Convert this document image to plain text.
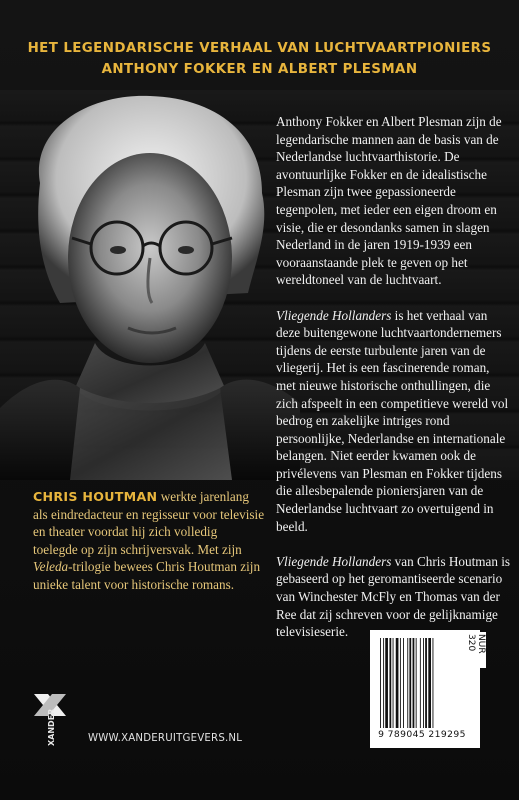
HET LEGENDARISCHE VERHAAL VAN LUCHTVAARTPIONIERS
ANTHONY FOKKER EN ALBERT PLESMAN

Anthony Fokker en Albert Plesman zijn de legendarische mannen aan de basis van de Nederlandse luchtvaarthistorie. De avontuurlijke Fokker en de idealistische Plesman zijn twee gepassioneerde tegenpolen, met ieder een eigen droom en visie, die er desondanks samen in slagen Nederland in de jaren 1919-1939 een vooraanstaande plek te geven op het wereldtoneel van de luchtvaart.

Vliegende Hollanders is het verhaal van deze buitengewone luchtvaartondernemers tijdens de eerste turbulente jaren van de vliegerij. Het is een fascinerende roman, met nieuwe historische onthullingen, die zich afspeelt in een competitieve wereld vol bedrog en zakelijke intriges rond persoonlijke, Nederlandse en internationale belangen. Niet eerder kwamen ook de privélevens van Plesman en Fokker tijdens die allesbepalende pioniersjaren van de Nederlandse luchtvaart zo overtuigend in beeld.

Vliegende Hollanders van Chris Houtman is gebaseerd op het geromantiseerde scenario van Winchester McFly en Thomas van der Ree dat zij schreven voor de gelijknamige televisieserie.

CHRIS HOUTMAN werkte jarenlang als eindredacteur en regisseur voor televisie en theater voordat hij zich volledig toelegde op zijn schrijversvak. Met zijn Veleda-trilogie bewees Chris Houtman zijn unieke talent voor historische romans.
XANDER	WWW.XANDERUITGEVERS.NL	9 789045 219295
NUR 320
